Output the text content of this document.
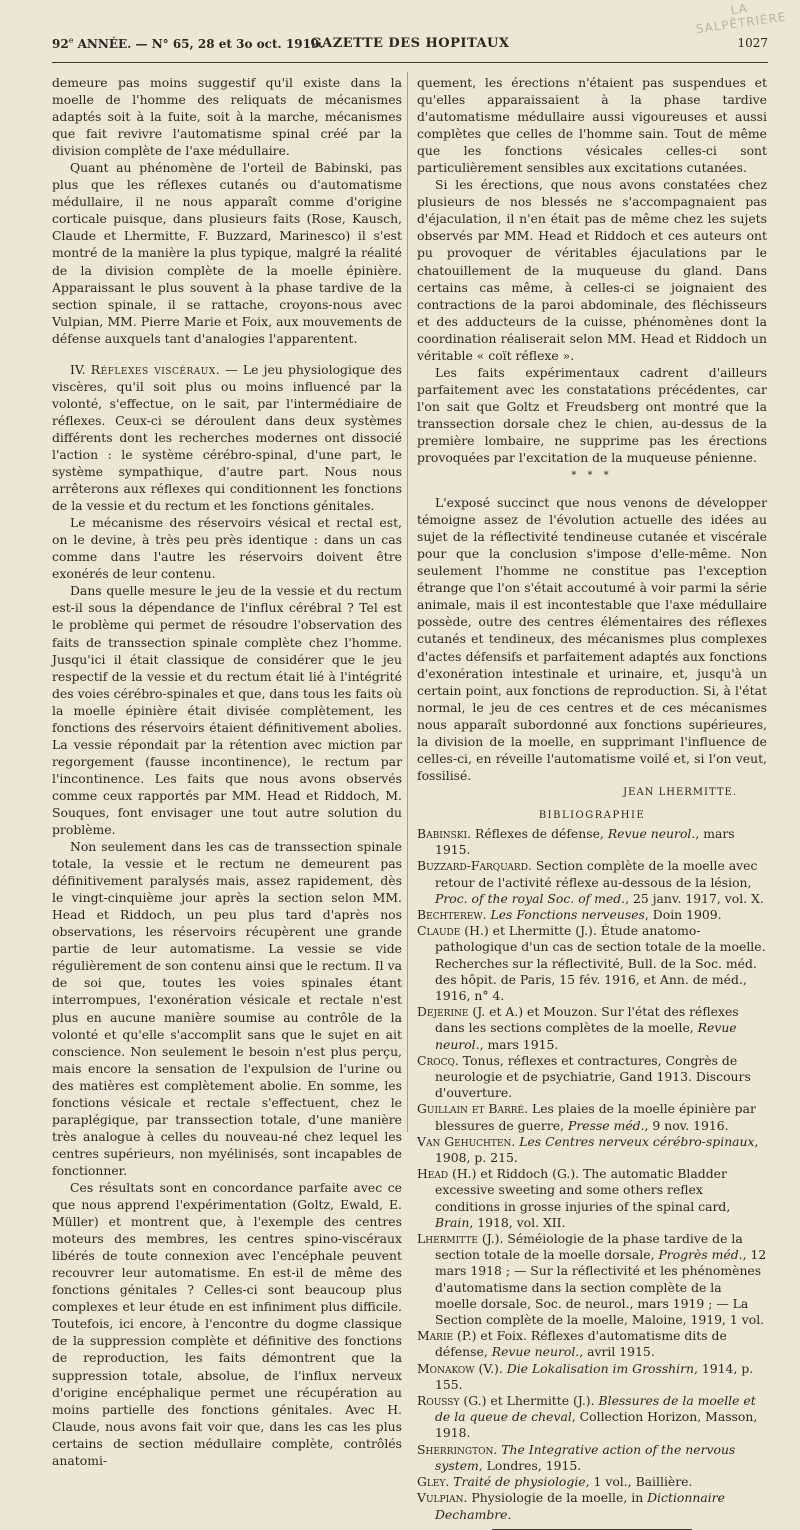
LA SALPÊTRIÈRE
92e ANNÉE. — N° 65, 28 et 3o oct. 1919.
GAZETTE DES HOPITAUX	1027

demeure pas moins suggestif qu'il existe dans la moelle de l'homme des reliquats de mécanismes adaptés soit à la fuite, soit à la marche, mécanismes que fait revivre l'automatisme spinal créé par la division complète de l'axe médullaire.

Quant au phénomène de l'orteil de Babinski, pas plus que les réflexes cutanés ou d'automatisme médullaire, il ne nous apparaît comme d'origine corticale puisque, dans plusieurs faits (Rose, Kausch, Claude et Lhermitte, F. Buzzard, Marinesco) il s'est montré de la manière la plus typique, malgré la réalité de la division complète de la moelle épinière. Apparaissant le plus souvent à la phase tardive de la section spinale, il se rattache, croyons-nous avec Vulpian, MM. Pierre Marie et Foix, aux mouvements de défense auxquels tant d'analogies l'apparentent.

IV. Réflexes viscéraux. — Le jeu physiologique des viscères, qu'il soit plus ou moins influencé par la volonté, s'effectue, on le sait, par l'intermédiaire de réflexes. Ceux-ci se déroulent dans deux systèmes différents dont les recherches modernes ont dissocié l'action : le système cérébro-spinal, d'une part, le système sympathique, d'autre part. Nous nous arrêterons aux réflexes qui conditionnent les fonctions de la vessie et du rectum et les fonctions génitales.

Le mécanisme des réservoirs vésical et rectal est, on le devine, à très peu près identique : dans un cas comme dans l'autre les réservoirs doivent être exonérés de leur contenu.

Dans quelle mesure le jeu de la vessie et du rectum est-il sous la dépendance de l'influx cérébral ? Tel est le problème qui permet de résoudre l'observation des faits de transsection spinale complète chez l'homme. Jusqu'ici il était classique de considérer que le jeu respectif de la vessie et du rectum était lié à l'intégrité des voies cérébro-spinales et que, dans tous les faits où la moelle épinière était divisée complètement, les fonctions des réservoirs étaient définitivement abolies. La vessie répondait par la rétention avec miction par regorgement (fausse incontinence), le rectum par l'incontinence. Les faits que nous avons observés comme ceux rapportés par MM. Head et Riddoch, M. Souques, font envisager une tout autre solution du problème.

Non seulement dans les cas de transsection spinale totale, la vessie et le rectum ne demeurent pas définitivement paralysés mais, assez rapidement, dès le vingt-cinquième jour après la section selon MM. Head et Riddoch, un peu plus tard d'après nos observations, les réservoirs récupèrent une grande partie de leur automatisme. La vessie se vide régulièrement de son contenu ainsi que le rectum. Il va de soi que, toutes les voies spinales étant interrompues, l'exonération vésicale et rectale n'est plus en aucune manière soumise au contrôle de la volonté et qu'elle s'accomplit sans que le sujet en ait conscience. Non seulement le besoin n'est plus perçu, mais encore la sensation de l'expulsion de l'urine ou des matières est complètement abolie. En somme, les fonctions vésicale et rectale s'effectuent, chez le paraplégique, par transsection totale, d'une manière très analogue à celles du nouveau-né chez lequel les centres supérieurs, non myélinisés, sont incapables de fonctionner.

Ces résultats sont en concordance parfaite avec ce que nous apprend l'expérimentation (Goltz, Ewald, E. Müller) et montrent que, à l'exemple des centres moteurs des membres, les centres spino-viscéraux libérés de toute connexion avec l'encéphale peuvent recouvrer leur automatisme. En est-il de même des fonctions génitales ? Celles-ci sont beaucoup plus complexes et leur étude en est infiniment plus difficile. Toutefois, ici encore, à l'encontre du dogme classique de la suppression complète et définitive des fonctions de reproduction, les faits démontrent que la suppression totale, absolue, de l'influx nerveux d'origine encéphalique permet une récupération au moins partielle des fonctions génitales. Avec H. Claude, nous avons fait voir que, dans les cas les plus certains de section médullaire complète, contrôlés anatomi-

quement, les érections n'étaient pas suspendues et qu'elles apparaissaient à la phase tardive d'automatisme médullaire aussi vigoureuses et aussi complètes que celles de l'homme sain. Tout de même que les fonctions vésicales celles-ci sont particulièrement sensibles aux excitations cutanées.

Si les érections, que nous avons constatées chez plusieurs de nos blessés ne s'accompagnaient pas d'éjaculation, il n'en était pas de même chez les sujets observés par MM. Head et Riddoch et ces auteurs ont pu provoquer de véritables éjaculations par le chatouillement de la muqueuse du gland. Dans certains cas même, à celles-ci se joignaient des contractions de la paroi abdominale, des fléchisseurs et des adducteurs de la cuisse, phénomènes dont la coordination réaliserait selon MM. Head et Riddoch un véritable « coït réflexe ».

Les faits expérimentaux cadrent d'ailleurs parfaitement avec les constatations précédentes, car l'on sait que Goltz et Freudsberg ont montré que la transsection dorsale chez le chien, au-dessus de la première lombaire, ne supprime pas les érections provoquées par l'excitation de la muqueuse pénienne.

* * *

L'exposé succinct que nous venons de développer témoigne assez de l'évolution actuelle des idées au sujet de la réflectivité tendineuse cutanée et viscérale pour que la conclusion s'impose d'elle-même. Non seulement l'homme ne constitue pas l'exception étrange que l'on s'était accoutumé à voir parmi la série animale, mais il est incontestable que l'axe médullaire possède, outre des centres élémentaires des réflexes cutanés et tendineux, des mécanismes plus complexes d'actes défensifs et parfaitement adaptés aux fonctions d'exonération intestinale et urinaire, et, jusqu'à un certain point, aux fonctions de reproduction. Si, à l'état normal, le jeu de ces centres et de ces mécanismes nous apparaît subordonné aux fonctions supérieures, la division de la moelle, en supprimant l'influence de celles-ci, en réveille l'automatisme voilé et, si l'on veut, fossilisé.

JEAN LHERMITTE.
BIBLIOGRAPHIE

Babinski. Réflexes de défense, Revue neurol., mars 1915.

Buzzard-Farquard. Section complète de la moelle avec retour de l'activité réflexe au-dessous de la lésion, Proc. of the royal Soc. of med., 25 janv. 1917, vol. X.

Bechterew. Les Fonctions nerveuses, Doin 1909.

Claude (H.) et Lhermitte (J.). Étude anatomo-pathologique d'un cas de section totale de la moelle. Recherches sur la réflectivité, Bull. de la Soc. méd. des hôpit. de Paris, 15 fév. 1916, et Ann. de méd., 1916, n° 4.

Dejerine (J. et A.) et Mouzon. Sur l'état des réflexes dans les sections complètes de la moelle, Revue neurol., mars 1915.

Crocq. Tonus, réflexes et contractures, Congrès de neurologie et de psychiatrie, Gand 1913. Discours d'ouverture.

Guillain et Barré. Les plaies de la moelle épinière par blessures de guerre, Presse méd., 9 nov. 1916.

Van Gehuchten. Les Centres nerveux cérébro-spinaux, 1908, p. 215.

Head (H.) et Riddoch (G.). The automatic Bladder excessive sweeting and some others reflex conditions in grosse injuries of the spinal card, Brain, 1918, vol. XII.

Lhermitte (J.). Séméiologie de la phase tardive de la section totale de la moelle dorsale, Progrès méd., 12 mars 1918 ; — Sur la réflectivité et les phénomènes d'automatisme dans la section complète de la moelle dorsale, Soc. de neurol., mars 1919 ; — La Section complète de la moelle, Maloine, 1919, 1 vol.

Marie (P.) et Foix. Réflexes d'automatisme dits de défense, Revue neurol., avril 1915.

Monakow (V.). Die Lokalisation im Grosshirn, 1914, p. 155.

Roussy (G.) et Lhermitte (J.). Blessures de la moelle et de la queue de cheval, Collection Horizon, Masson, 1918.

Sherrington. The Integrative action of the nervous system, Londres, 1915.

Gley. Traité de physiologie, 1 vol., Baillière.

Vulpian. Physiologie de la moelle, in Dictionnaire Dechambre.
